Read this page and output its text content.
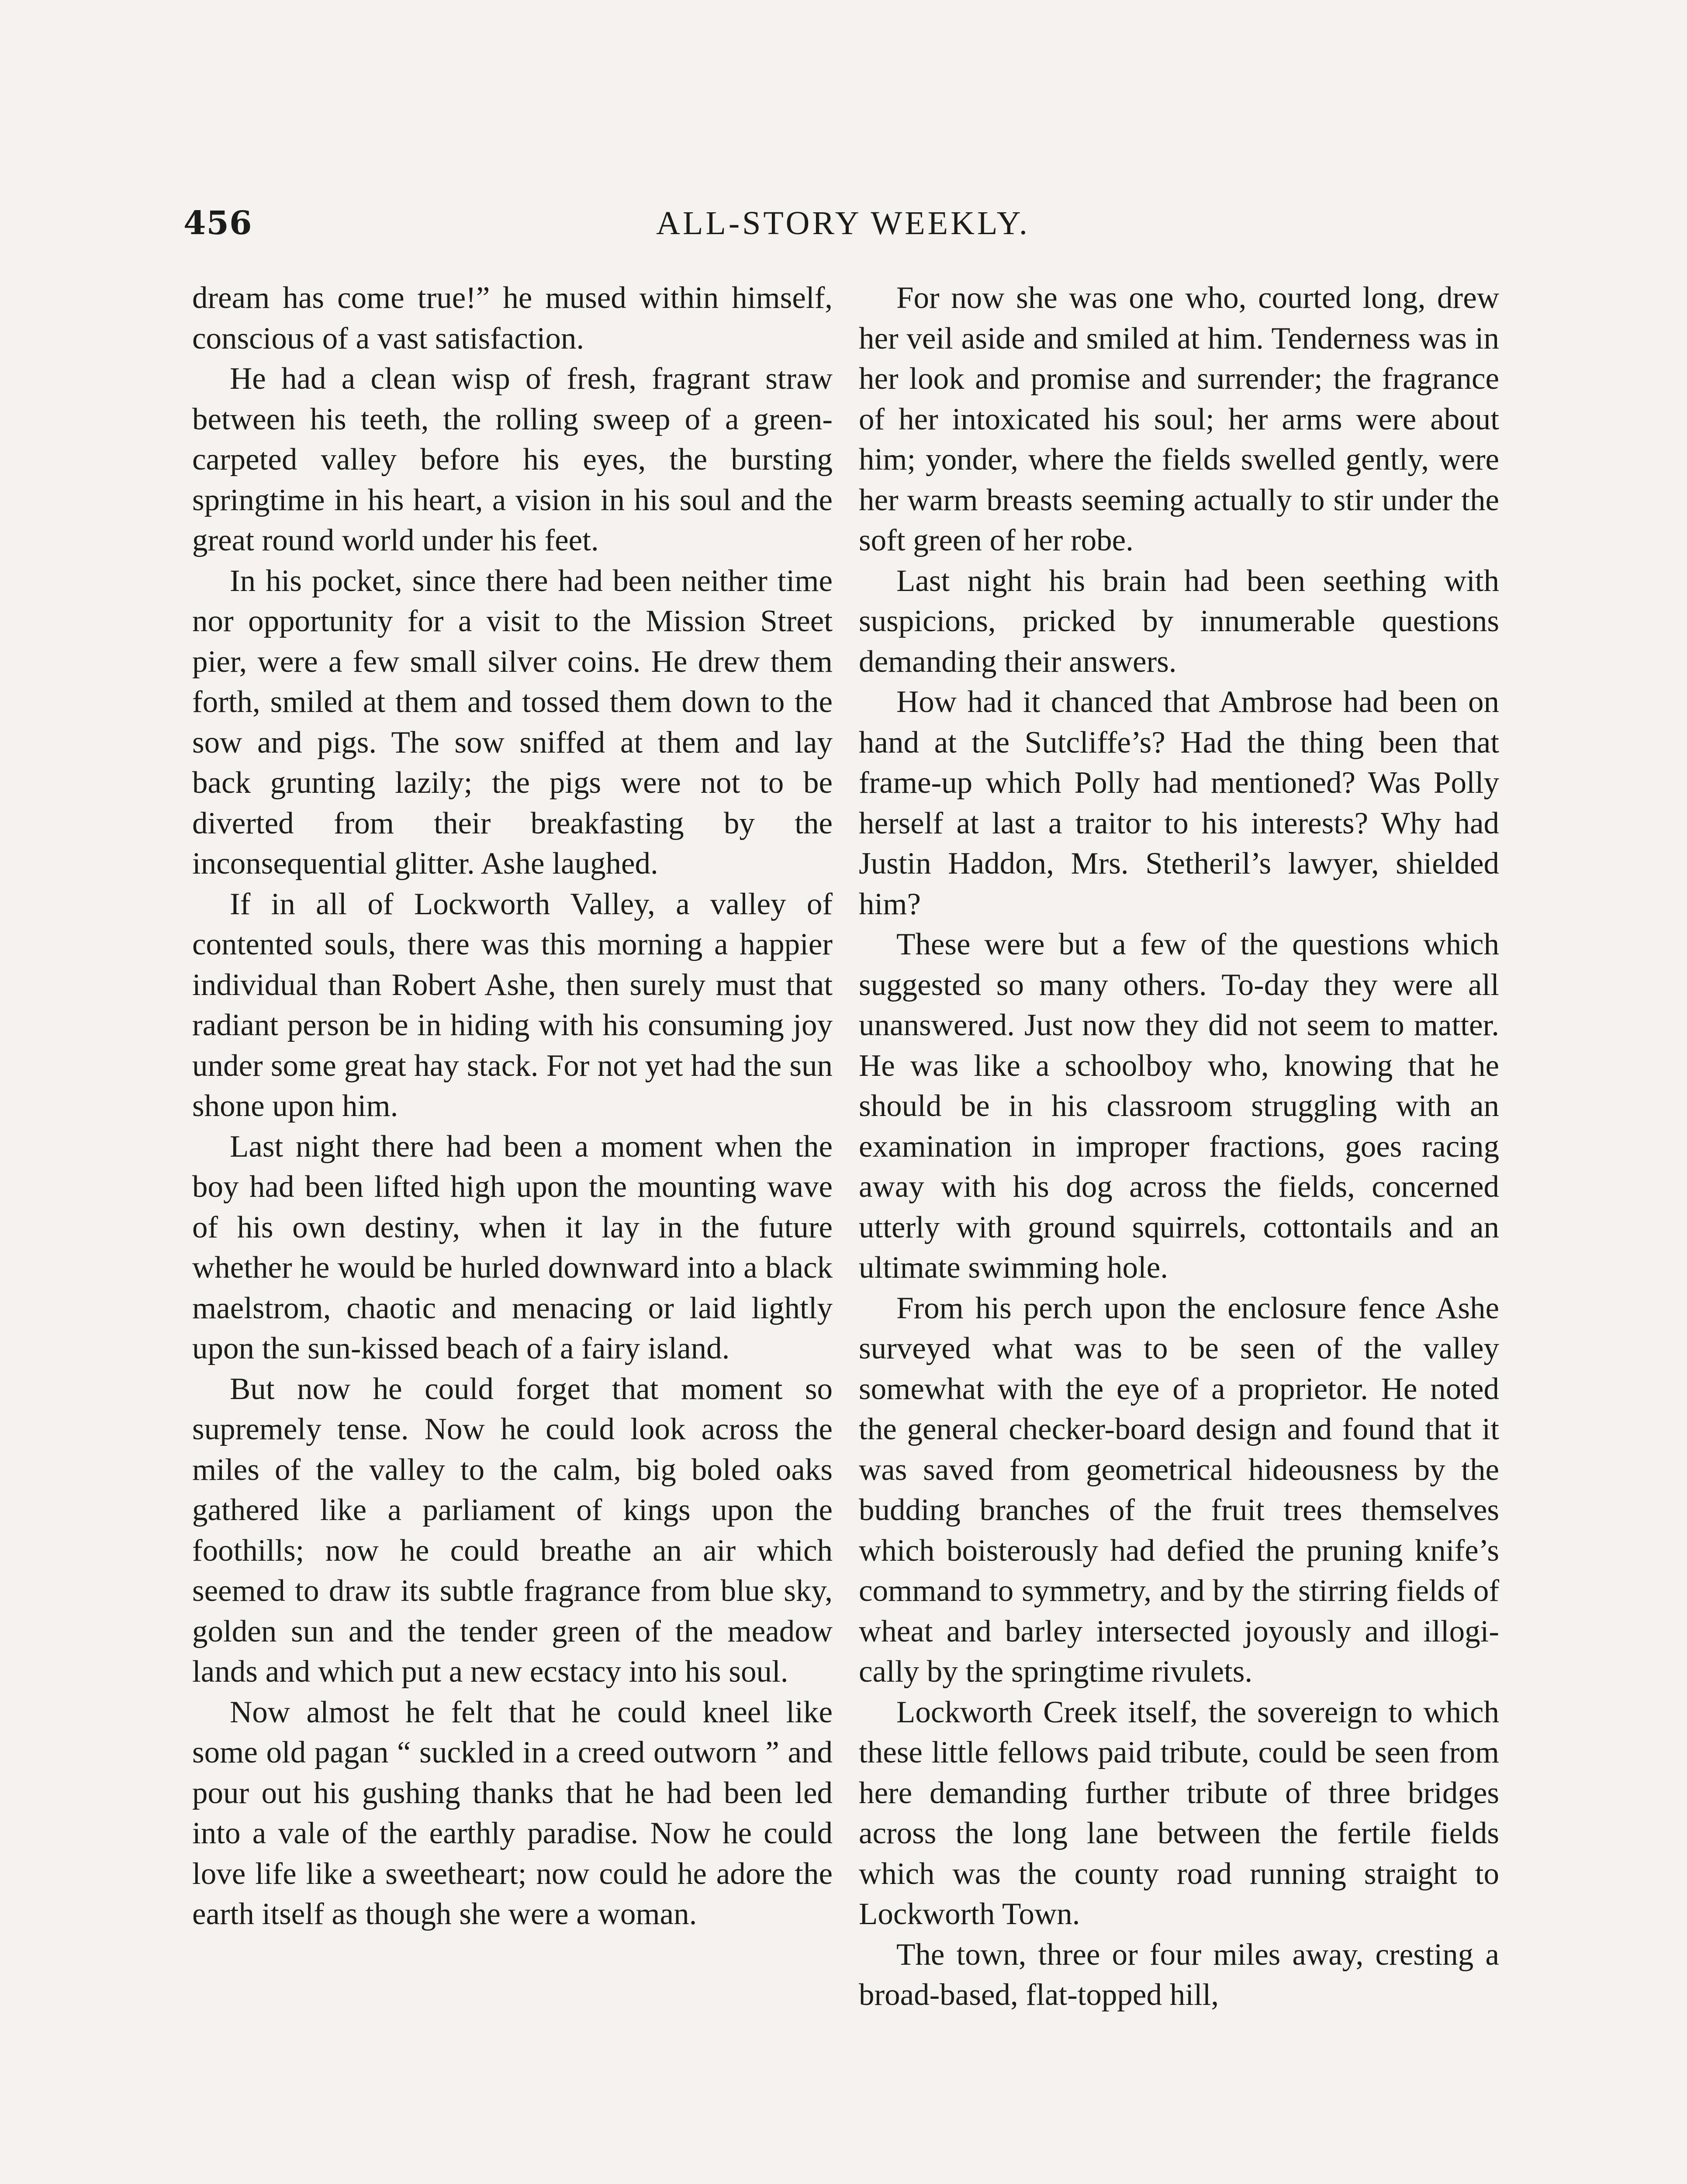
456	ALL-STORY WEEKLY.

dream has come true!” he mused within himself, conscious of a vast satisfaction.

He had a clean wisp of fresh, fragrant straw between his teeth, the rolling sweep of a green-carpeted valley before his eyes, the bursting springtime in his heart, a vision in his soul and the great round world under his feet.

In his pocket, since there had been neither time nor opportunity for a visit to the Mission Street pier, were a few small silver coins. He drew them forth, smiled at them and tossed them down to the sow and pigs. The sow sniffed at them and lay back grunting lazily; the pigs were not to be diverted from their breakfasting by the inconsequential glitter. Ashe laughed.

If in all of Lockworth Valley, a valley of contented souls, there was this morning a happier individual than Robert Ashe, then surely must that radiant person be in hiding with his consuming joy under some great hay stack. For not yet had the sun shone upon him.

Last night there had been a moment when the boy had been lifted high upon the mounting wave of his own destiny, when it lay in the future whether he would be hurled downward into a black maelstrom, chaotic and menacing or laid lightly upon the sun-kissed beach of a fairy island.

But now he could forget that moment so supremely tense. Now he could look across the miles of the valley to the calm, big boled oaks gathered like a parliament of kings upon the foothills; now he could breathe an air which seemed to draw its subtle fragrance from blue sky, golden sun and the tender green of the meadow lands and which put a new ecstacy into his soul.

Now almost he felt that he could kneel like some old pagan “ suckled in a creed outworn ” and pour out his gushing thanks that he had been led into a vale of the earthly paradise. Now he could love life like a sweetheart; now could he adore the earth itself as though she were a woman.

For now she was one who, courted long, drew her veil aside and smiled at him. Tenderness was in her look and promise and surrender; the fragrance of her intoxicated his soul; her arms were about him; yonder, where the fields swelled gently, were her warm breasts seeming actually to stir under the soft green of her robe.

Last night his brain had been seething with suspicions, pricked by innumerable questions demanding their answers.

How had it chanced that Ambrose had been on hand at the Sutcliffe’s? Had the thing been that frame-up which Polly had mentioned? Was Polly herself at last a traitor to his interests? Why had Justin Haddon, Mrs. Stetheril’s lawyer, shielded him?

These were but a few of the questions which suggested so many others. To-day they were all unanswered. Just now they did not seem to matter. He was like a schoolboy who, knowing that he should be in his classroom struggling with an examination in improper fractions, goes racing away with his dog across the fields, concerned utterly with ground squirrels, cottontails and an ultimate swimming hole.

From his perch upon the enclosure fence Ashe surveyed what was to be seen of the valley somewhat with the eye of a proprietor. He noted the general checker-board design and found that it was saved from geometrical hideousness by the budding branches of the fruit trees themselves which boisterously had defied the pruning knife’s command to symmetry, and by the stirring fields of wheat and barley intersected joyously and illogically by the springtime rivulets.

Lockworth Creek itself, the sovereign to which these little fellows paid tribute, could be seen from here demanding further tribute of three bridges across the long lane between the fertile fields which was the county road running straight to Lockworth Town.

The town, three or four miles away, cresting a broad-based, flat-topped hill,
